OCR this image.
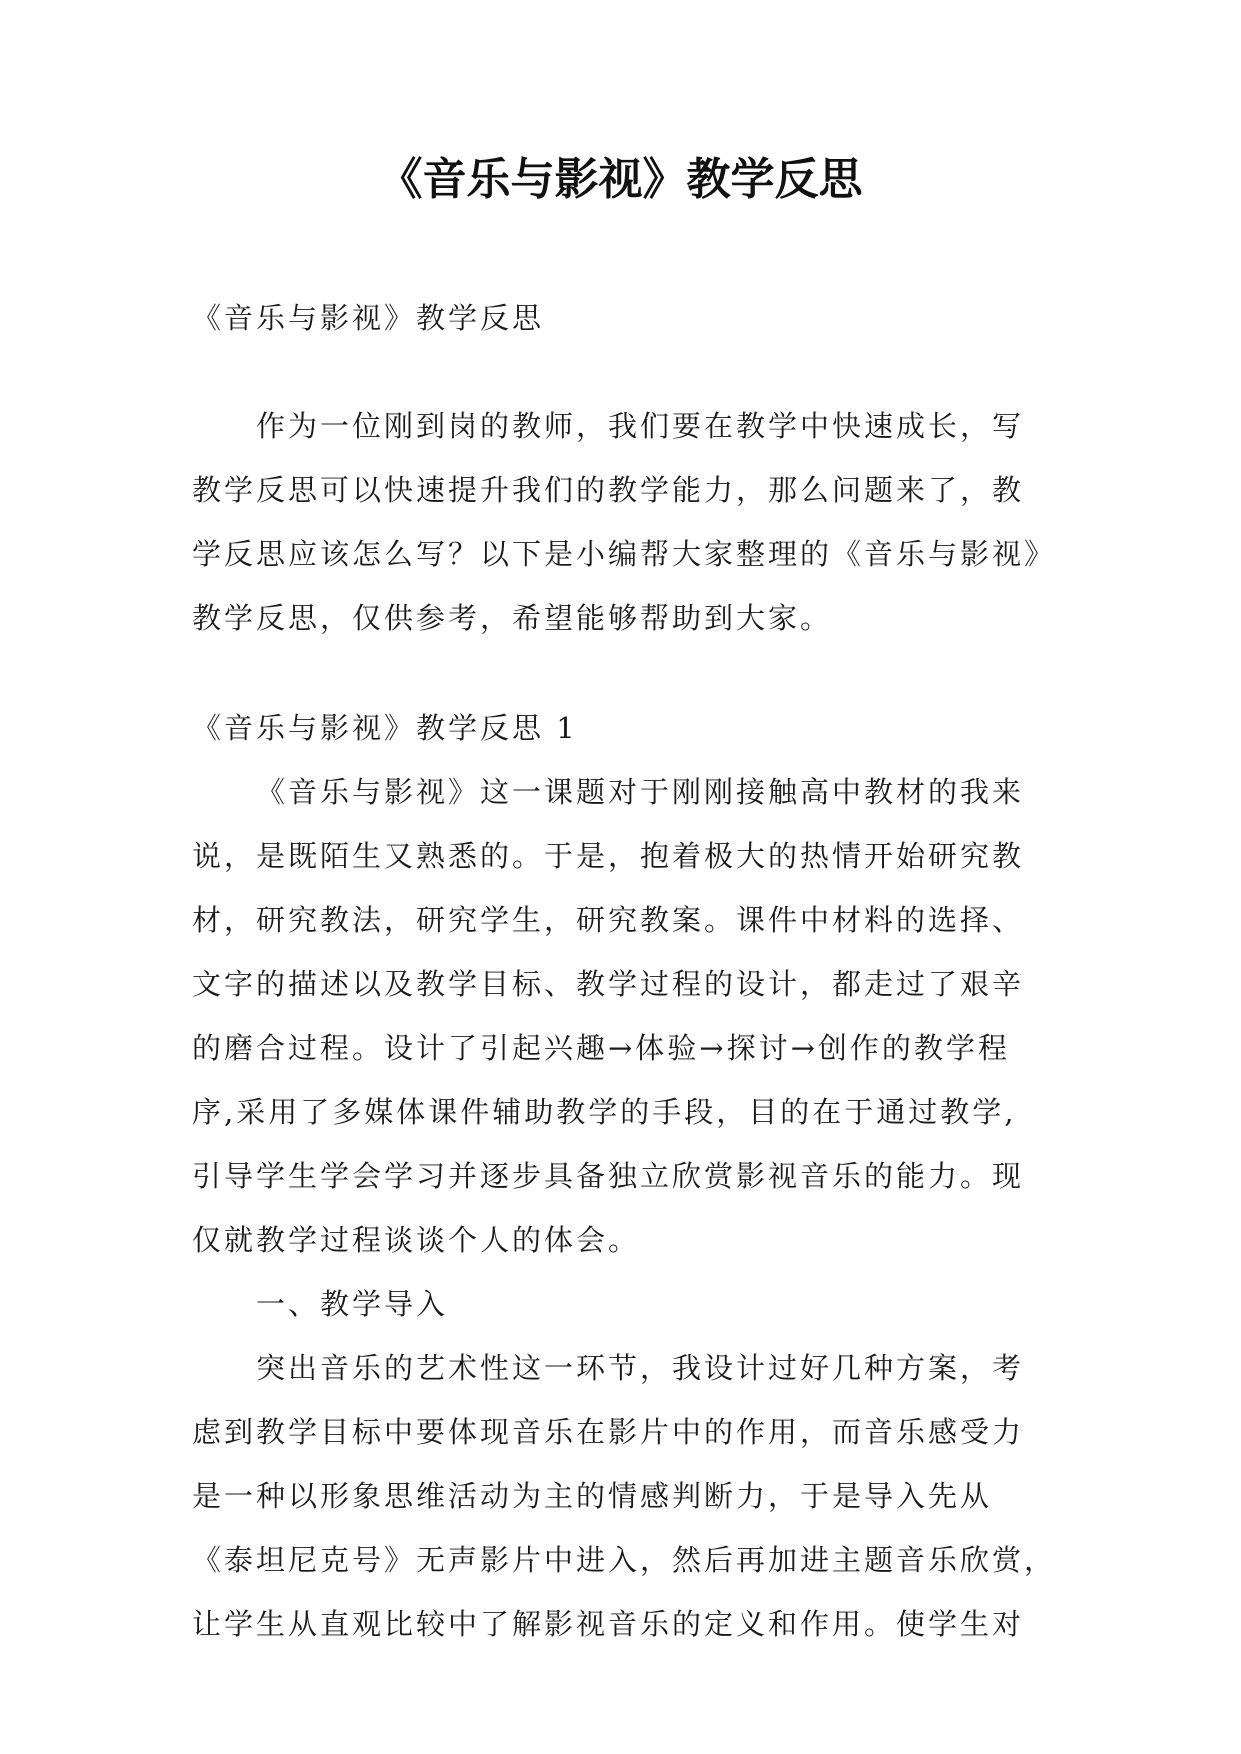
《音乐与影视》教学反思

《音乐与影视》教学反思

作为一位刚到岗的教师，我们要在教学中快速成长，写

教学反思可以快速提升我们的教学能力，那么问题来了，教

学反思应该怎么写？以下是小编帮大家整理的《音乐与影视》

教学反思，仅供参考，希望能够帮助到大家。

《音乐与影视》教学反思 1

《音乐与影视》这一课题对于刚刚接触高中教材的我来

说，是既陌生又熟悉的。于是，抱着极大的热情开始研究教

材，研究教法，研究学生，研究教案。课件中材料的选择、

文字的描述以及教学目标、教学过程的设计，都走过了艰辛

的磨合过程。设计了引起兴趣→体验→探讨→创作的教学程

序,采用了多媒体课件辅助教学的手段，目的在于通过教学,

引导学生学会学习并逐步具备独立欣赏影视音乐的能力。现

仅就教学过程谈谈个人的体会。

一、教学导入

突出音乐的艺术性这一环节，我设计过好几种方案，考

虑到教学目标中要体现音乐在影片中的作用，而音乐感受力

是一种以形象思维活动为主的情感判断力，于是导入先从

《泰坦尼克号》无声影片中进入，然后再加进主题音乐欣赏，

让学生从直观比较中了解影视音乐的定义和作用。使学生对
